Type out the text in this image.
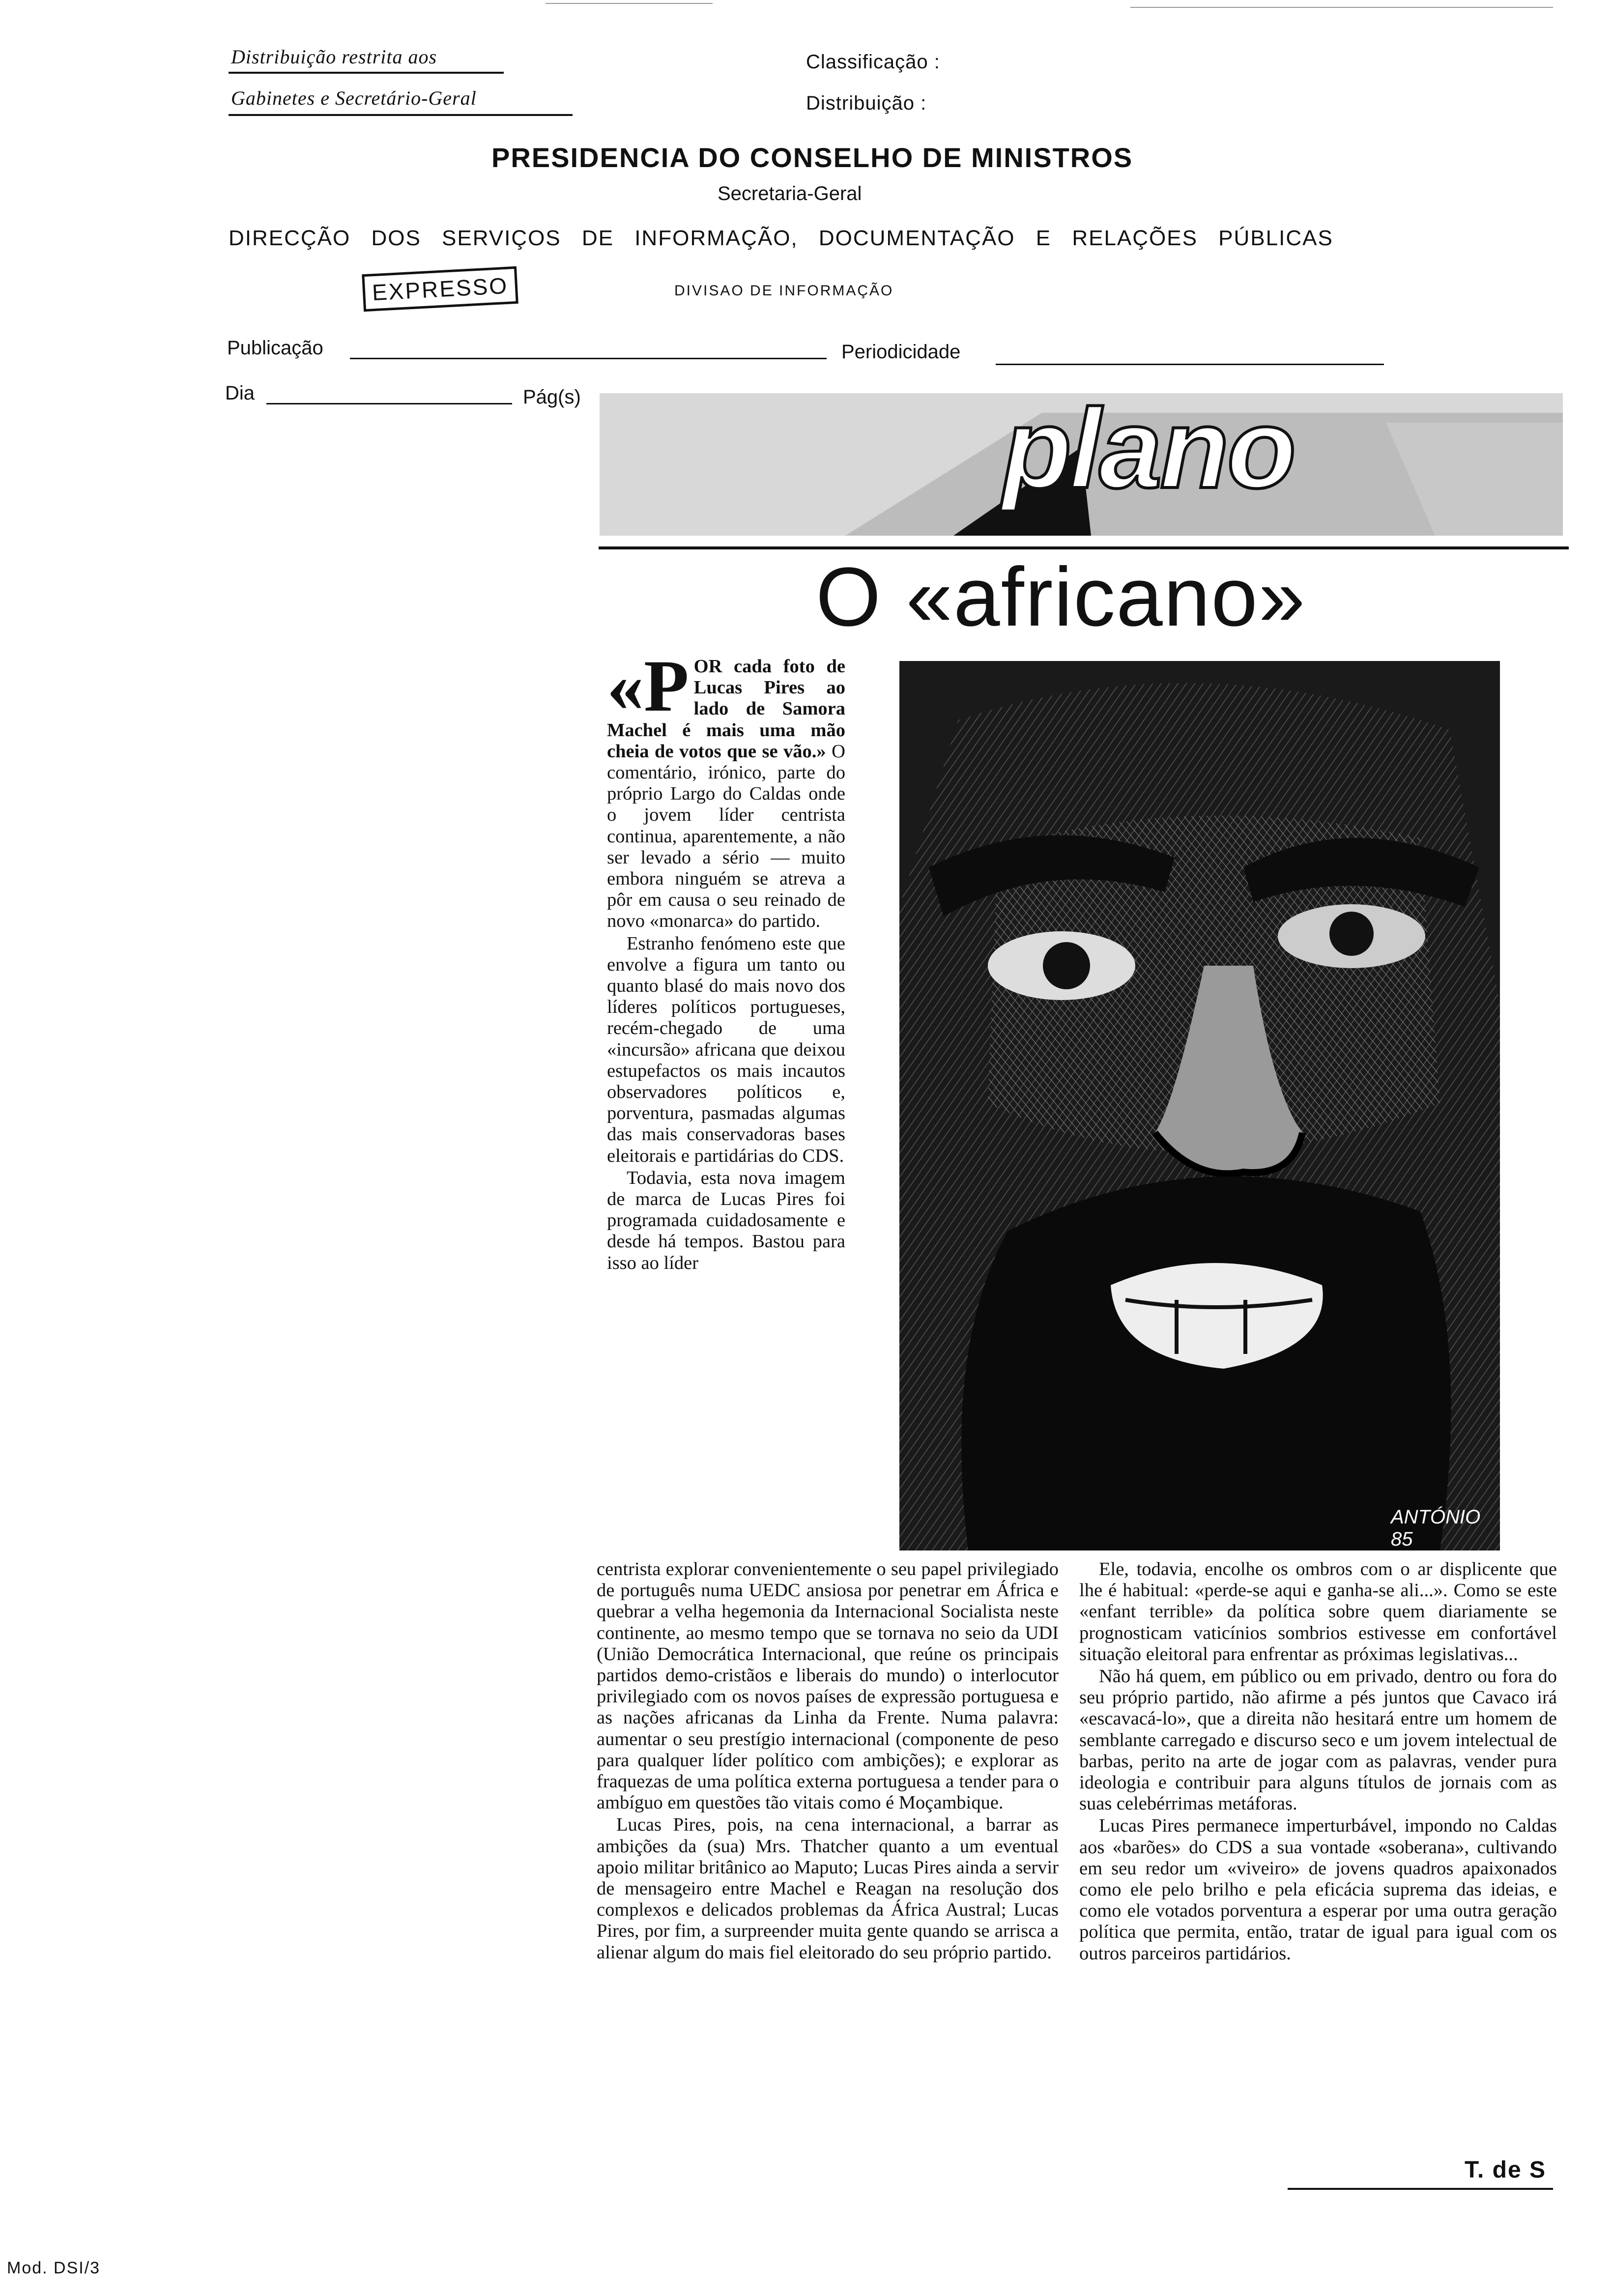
Distribuição restrita aos
Gabinetes e Secretário-Geral
Classificação :
Distribuição :
PRESIDENCIA DO CONSELHO DE MINISTROS
Secretaria-Geral
DIRECÇÃO DOS SERVIÇOS DE INFORMAÇÃO, DOCUMENTAÇÃO E RELAÇÕES PÚBLICAS
EXPRESSO	DIVISAO DE INFORMAÇÃO
Publicação	Periodicidade
Dia	Pág(s)	plano
O «africano»
ANTÓNIO 85

«POR cada foto de Lucas Pires ao lado de Samora Machel é mais uma mão cheia de votos que se vão.» O comentário, irónico, parte do próprio Largo do Caldas onde o jovem líder centrista continua, aparentemente, a não ser levado a sério — muito embora ninguém se atreva a pôr em causa o seu reinado de novo «monarca» do partido.

Estranho fenómeno este que envolve a figura um tanto ou quanto blasé do mais novo dos líderes políticos portugueses, recém-chegado de uma «incursão» africana que deixou estupefactos os mais incautos observadores políticos e, porventura, pasmadas algumas das mais conservadoras bases eleitorais e partidárias do CDS.

Todavia, esta nova imagem de marca de Lucas Pires foi programada cuidadosamente e desde há tempos. Bastou para isso ao líder

centrista explorar convenientemente o seu papel privilegiado de português numa UEDC ansiosa por penetrar em África e quebrar a velha hegemonia da Internacional Socialista neste continente, ao mesmo tempo que se tornava no seio da UDI (União Democrática Internacional, que reúne os principais partidos demo-cristãos e liberais do mundo) o interlocutor privilegiado com os novos países de expressão portuguesa e as nações africanas da Linha da Frente. Numa palavra: aumentar o seu prestígio internacional (componente de peso para qualquer líder político com ambições); e explorar as fraquezas de uma política externa portuguesa a tender para o ambíguo em questões tão vitais como é Moçambique.

Lucas Pires, pois, na cena internacional, a barrar as ambições da (sua) Mrs. Thatcher quanto a um eventual apoio militar britânico ao Maputo; Lucas Pires ainda a servir de mensageiro entre Machel e Reagan na resolução dos complexos e delicados problemas da África Austral; Lucas Pires, por fim, a surpreender muita gente quando se arrisca a alienar algum do mais fiel eleitorado do seu próprio partido.

Ele, todavia, encolhe os ombros com o ar displicente que lhe é habitual: «perde-se aqui e ganha-se ali...». Como se este «enfant terrible» da política sobre quem diariamente se prognosticam vaticínios sombrios estivesse em confortável situação eleitoral para enfrentar as próximas legislativas...

Não há quem, em público ou em privado, dentro ou fora do seu próprio partido, não afirme a pés juntos que Cavaco irá «escavacá-lo», que a direita não hesitará entre um homem de semblante carregado e discurso seco e um jovem intelectual de barbas, perito na arte de jogar com as palavras, vender pura ideologia e contribuir para alguns títulos de jornais com as suas celebérrimas metáforas.

Lucas Pires permanece imperturbável, impondo no Caldas aos «barões» do CDS a sua vontade «soberana», cultivando em seu redor um «viveiro» de jovens quadros apaixonados como ele pelo brilho e pela eficácia suprema das ideias, e como ele votados porventura a esperar por uma outra geração política que permita, então, tratar de igual para igual com os outros parceiros partidários.

T. de S
Mod. DSI/3
